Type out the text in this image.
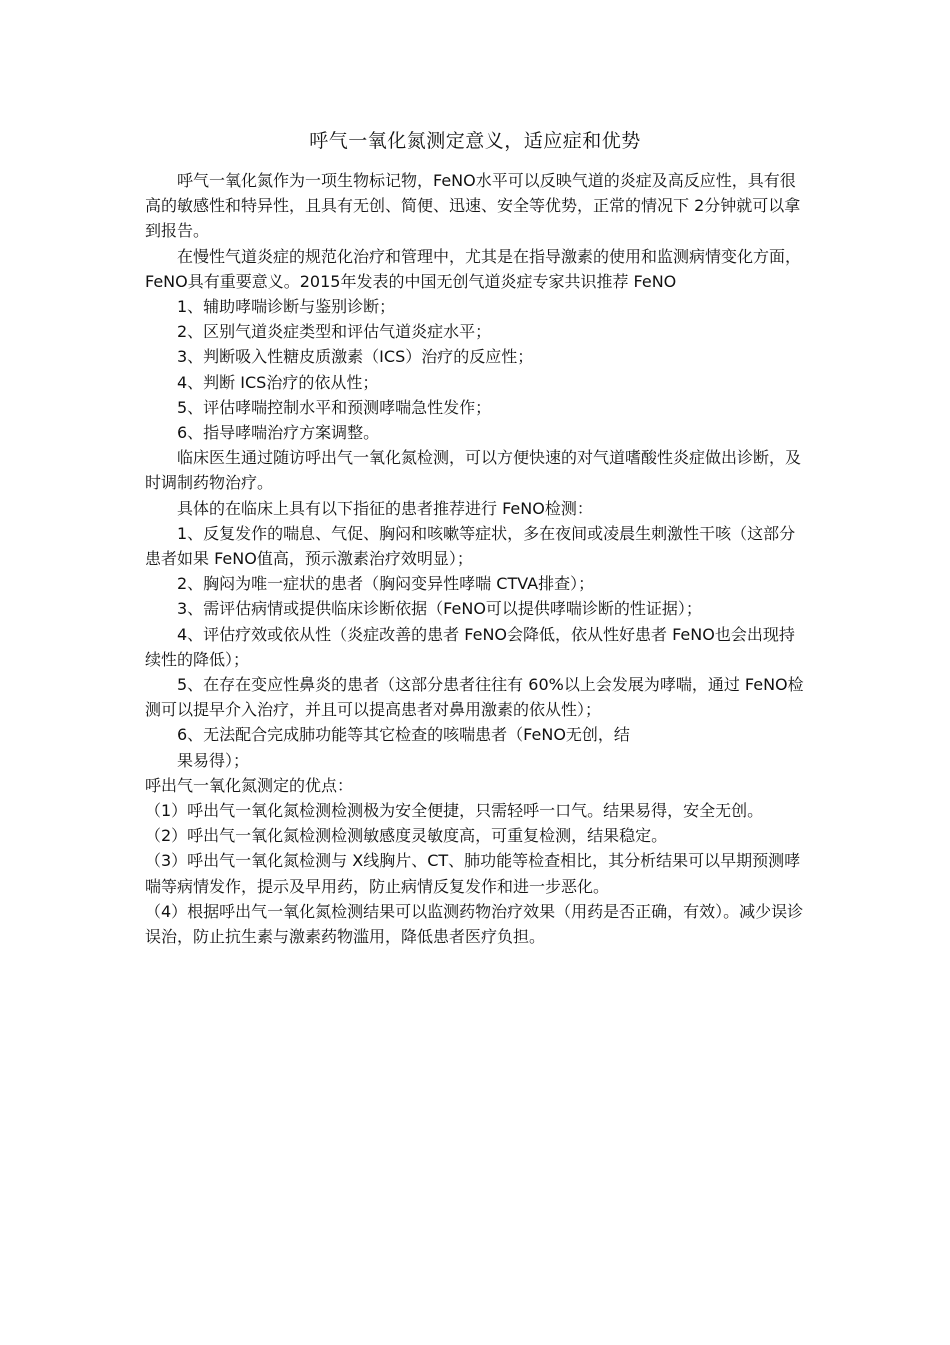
呼气一氧化氮测定意义，适应症和优势

呼气一氧化氮作为一项生物标记物，FeNO水平可以反映气道的炎症及高反应性，具有很高的敏感性和特异性，且具有无创、简便、迅速、安全等优势，正常的情况下 2分钟就可以拿到报告。

在慢性气道炎症的规范化治疗和管理中，尤其是在指导激素的使用和监测病情变化方面，FeNO具有重要意义。2015年发表的中国无创气道炎症专家共识推荐 FeNO

1、辅助哮喘诊断与鉴别诊断；

2、区别气道炎症类型和评估气道炎症水平；

3、判断吸入性糖皮质激素（ICS）治疗的反应性；

4、判断 ICS治疗的依从性；

5、评估哮喘控制水平和预测哮喘急性发作；

6、指导哮喘治疗方案调整。

临床医生通过随访呼出气一氧化氮检测，可以方便快速的对气道嗜酸性炎症做出诊断，及时调制药物治疗。

具体的在临床上具有以下指征的患者推荐进行 FeNO检测：

1、反复发作的喘息、气促、胸闷和咳嗽等症状，多在夜间或凌晨生刺激性干咳（这部分患者如果 FeNO值高，预示激素治疗效明显）；

2、胸闷为唯一症状的患者（胸闷变异性哮喘 CTVA排查）；

3、需评估病情或提供临床诊断依据（FeNO可以提供哮喘诊断的性证据）；

4、评估疗效或依从性（炎症改善的患者 FeNO会降低，依从性好患者 FeNO也会出现持续性的降低）；

5、在存在变应性鼻炎的患者（这部分患者往往有 60%以上会发展为哮喘，通过 FeNO检测可以提早介入治疗，并且可以提高患者对鼻用激素的依从性）；

6、无法配合完成肺功能等其它检查的咳喘患者（FeNO无创，结

果易得）；

呼出气一氧化氮测定的优点：

（1）呼出气一氧化氮检测检测极为安全便捷，只需轻呼一口气。结果易得，安全无创。

（2）呼出气一氧化氮检测检测敏感度灵敏度高，可重复检测，结果稳定。

（3）呼出气一氧化氮检测与 X线胸片、CT、肺功能等检查相比，其分析结果可以早期预测哮喘等病情发作，提示及早用药，防止病情反复发作和进一步恶化。

（4）根据呼出气一氧化氮检测结果可以监测药物治疗效果（用药是否正确，有效）。减少误诊误治，防止抗生素与激素药物滥用，降低患者医疗负担。
